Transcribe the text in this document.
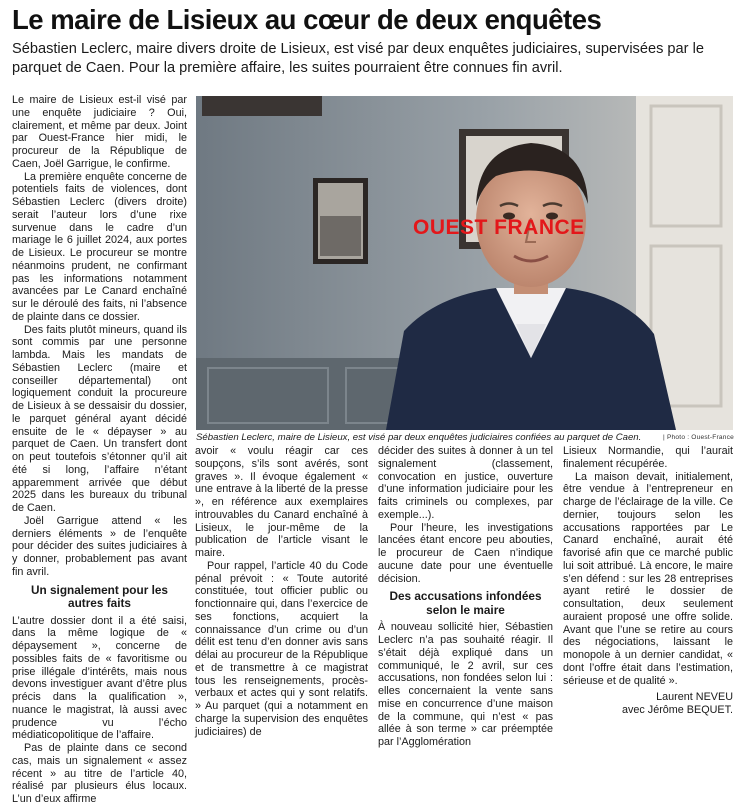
Le maire de Lisieux au cœur de deux enquêtes

Sébastien Leclerc, maire divers droite de Lisieux, est visé par deux enquêtes judiciaires, supervisées par le parquet de Caen. Pour la première affaire, les suites pourraient être connues fin avril.

OUEST FRANCE
Sébastien Leclerc, maire de Lisieux, est visé par deux enquêtes judiciaires confiées au parquet de Caen.	| Photo : Ouest-France

Le maire de Lisieux est-il visé par une enquête judiciaire ? Oui, clairement, et même par deux. Joint par Ouest-France hier midi, le procureur de la République de Caen, Joël Garrigue, le confirme.

La première enquête concerne de potentiels faits de violences, dont Sébastien Leclerc (divers droite) serait l’auteur lors d’une rixe survenue dans le cadre d’un mariage le 6 juillet 2024, aux portes de Lisieux. Le procureur se montre néanmoins prudent, ne confirmant pas les informations notamment avancées par Le Canard enchaîné sur le déroulé des faits, ni l’absence de plainte dans ce dossier.

Des faits plutôt mineurs, quand ils sont commis par une personne lambda. Mais les mandats de Sébastien Leclerc (maire et conseiller départemental) ont logiquement conduit la procureure de Lisieux à se dessaisir du dossier, le parquet général ayant décidé ensuite de le « dépayser » au parquet de Caen. Un transfert dont on peut toutefois s’étonner qu’il ait été si long, l’affaire n’étant apparemment arrivée que début 2025 dans les bureaux du tribunal de Caen.

Joël Garrigue attend « les derniers éléments » de l’enquête pour décider des suites judiciaires à y donner, probablement pas avant fin avril.

Un signalement pour les autres faits

L’autre dossier dont il a été saisi, dans la même logique de « dépaysement », concerne de possibles faits de « favoritisme ou prise illégale d’intérêts, mais nous devons investiguer avant d’être plus précis dans la qualification », nuance le magistrat, là aussi avec prudence vu l’écho médiaticopolitique de l’affaire.

Pas de plainte dans ce second cas, mais un signalement « assez récent » au titre de l’article 40, réalisé par plusieurs élus locaux. L’un d’eux affirme

avoir « voulu réagir car ces soupçons, s’ils sont avérés, sont graves ». Il évoque également « une entrave à la liberté de la presse », en référence aux exemplaires introuvables du Canard enchaîné à Lisieux, le jour-même de la publication de l’article visant le maire.

Pour rappel, l’article 40 du Code pénal prévoit : « Toute autorité constituée, tout officier public ou fonctionnaire qui, dans l’exercice de ses fonctions, acquiert la connaissance d’un crime ou d’un délit est tenu d’en donner avis sans délai au procureur de la République et de transmettre à ce magistrat tous les renseignements, procès-verbaux et actes qui y sont relatifs. » Au parquet (qui a notamment en charge la supervision des enquêtes judiciaires) de

décider des suites à donner à un tel signalement (classement, convocation en justice, ouverture d’une information judiciaire pour les faits criminels ou complexes, par exemple...).

Pour l’heure, les investigations lancées étant encore peu abouties, le procureur de Caen n’indique aucune date pour une éventuelle décision.

Des accusations infondées selon le maire

À nouveau sollicité hier, Sébastien Leclerc n’a pas souhaité réagir. Il s’était déjà expliqué dans un communiqué, le 2 avril, sur ces accusations, non fondées selon lui : elles concernaient la vente sans mise en concurrence d’une maison de la commune, qui n’est « pas allée à son terme » car préemptée par l’Agglomération

Lisieux Normandie, qui l’aurait finalement récupérée.

La maison devait, initialement, être vendue à l’entrepreneur en charge de l’éclairage de la ville. Ce dernier, toujours selon les accusations rapportées par Le Canard enchaîné, aurait été favorisé afin que ce marché public lui soit attribué. Là encore, le maire s’en défend : sur les 28 entreprises ayant retiré le dossier de consultation, deux seulement auraient proposé une offre solide. Avant que l’une se retire au cours des négociations, laissant le monopole à un dernier candidat, « dont l’offre était dans l’estimation, sérieuse et de qualité ».

Laurent NEVEU
avec Jérôme BEQUET.
